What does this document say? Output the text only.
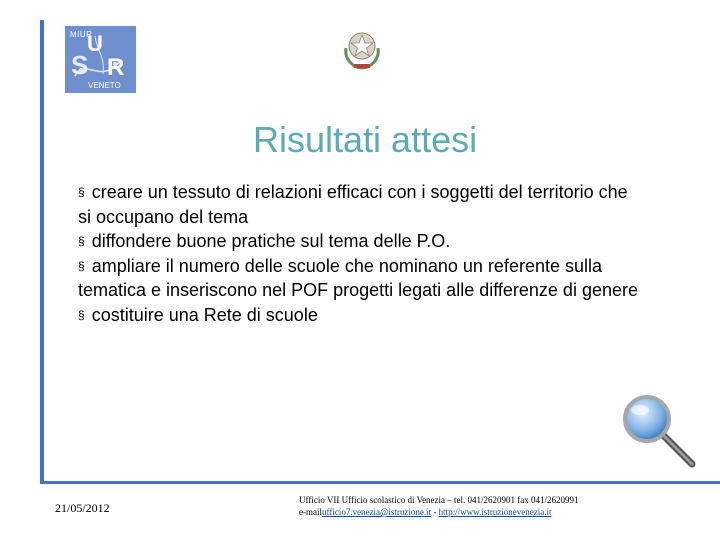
MIUR
U
S R
VENETO
Risultati attesi
§ creare un tessuto di relazioni efficaci con i soggetti del territorio che si occupano del tema
§ diffondere buone pratiche sul tema delle P.O.
§ ampliare il numero delle scuole che nominano un referente sulla tematica e inseriscono nel POF progetti legati alle differenze di genere
§ costituire una Rete di scuole
21/05/2012
Ufficio VII Ufficio scolastico di Venezia – tel. 041/2620901 fax 041/2620991
e-mailufficio7.venezia@istruzione.it - http://www.istruzionevenezia.it
